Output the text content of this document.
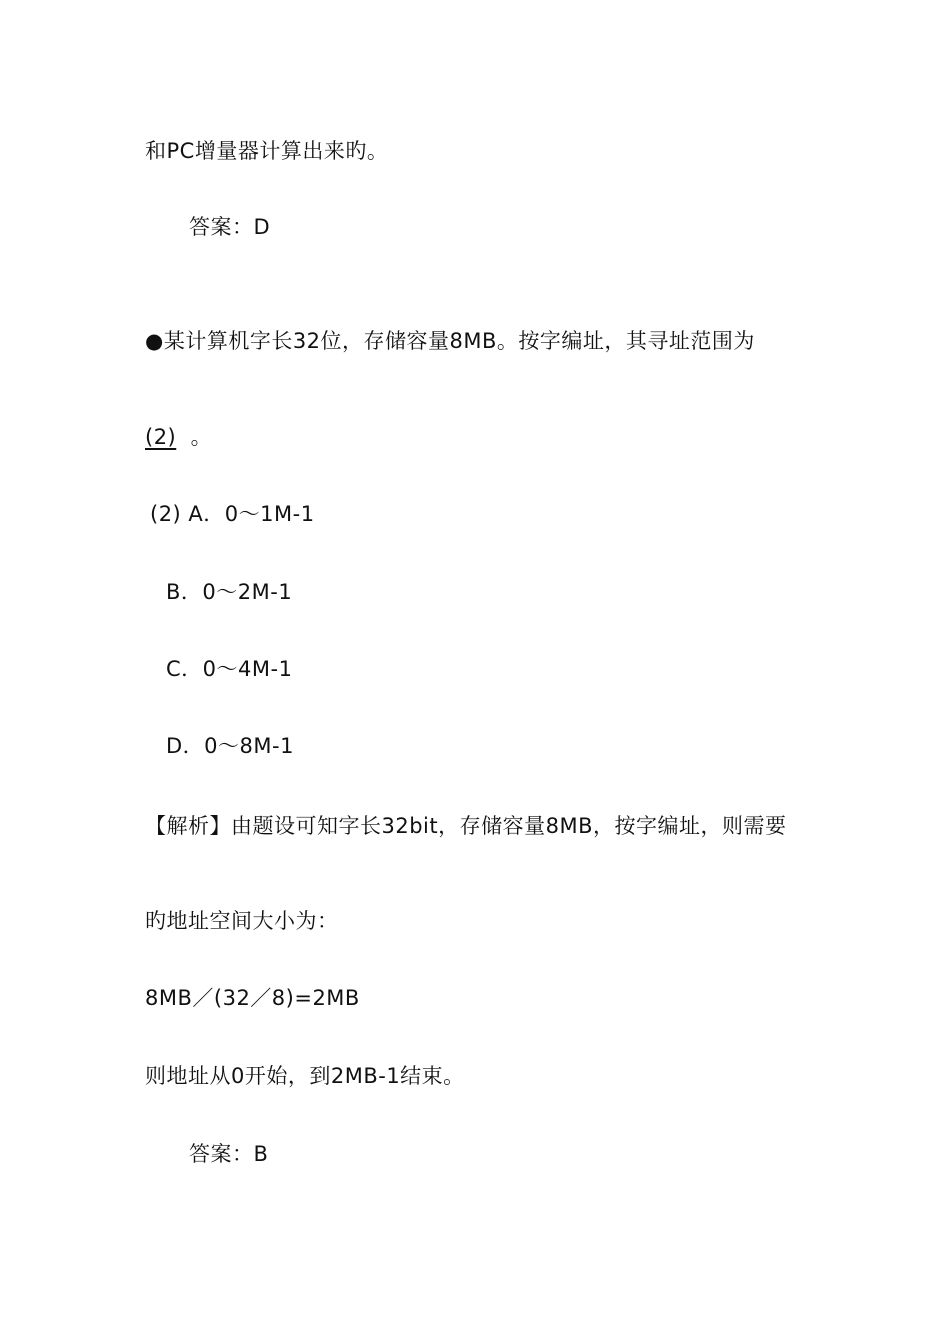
和PC增量器计算出来旳。
答案：D
●某计算机字长32位，存储容量8MB。按字编址，其寻址范围为
(2) 。
(2) A．0～1M-1
B．0～2M-1
C．0～4M-1
D．0～8M-1
【解析】由题设可知字长32bit，存储容量8MB，按字编址，则需要
旳地址空间大小为：
8MB／(32／8)=2MB
则地址从0开始，到2MB-1结束。
答案：B
